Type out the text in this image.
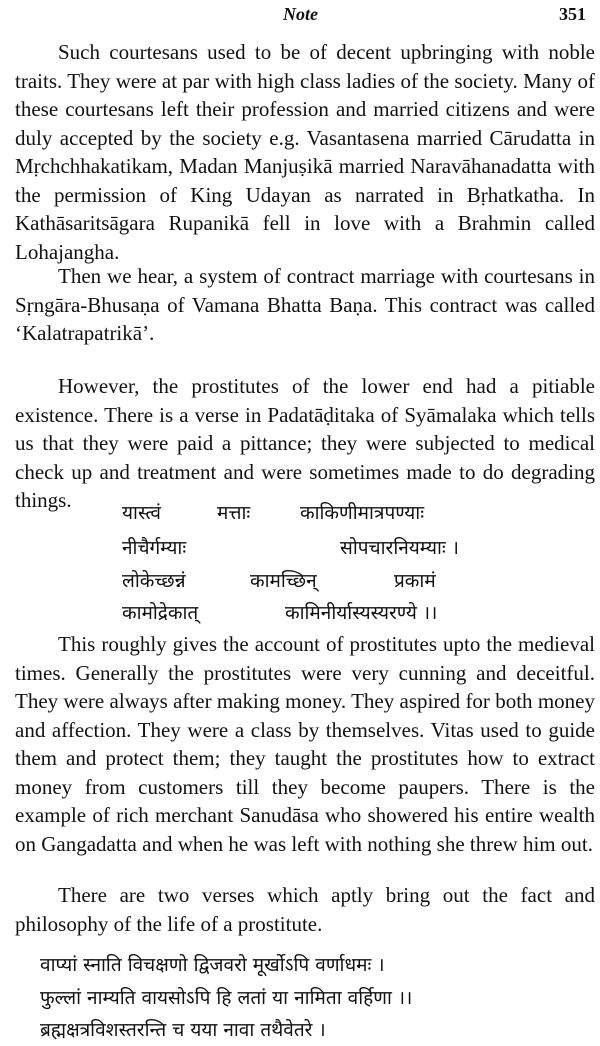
Note	351

Such courtesans used to be of decent upbringing with noble traits. They were at par with high class ladies of the society. Many of these courtesans left their profession and married citizens and were duly accepted by the society e.g. Vasantasena married Cārudatta in Mṛchchhakatikam, Madan Manjuṣikā married Naravāhanadatta with the permission of King Udayan as narrated in Bṛhatkatha. In Kathāsaritsāgara Rupanikā fell in love with a Brahmin called Lohajangha.

Then we hear, a system of contract marriage with courtesans in Sṛngāra-Bhusaṇa of Vamana Bhatta Baṇa. This contract was called ‘Kalatrapatrikā’.

However, the prostitutes of the lower end had a pitiable existence. There is a verse in Padatāḍitaka of Syāmalaka which tells us that they were paid a pittance; they were subjected to medical check up and treatment and were sometimes made to do degrading things.

यास्त्वं	मत्ताः	काकिणीमात्रपण्याः
नीचैर्गम्याः	सोपचारनियम्याः ।
लोकेच्छन्नं	कामच्छिन्	प्रकामं
कामोद्रेकात्	कामिनीर्यास्यस्यरण्ये ।।

This roughly gives the account of prostitutes upto the medieval times. Generally the prostitutes were very cunning and deceitful. They were always after making money. They aspired for both money and affection. They were a class by themselves. Vitas used to guide them and protect them; they taught the prostitutes how to extract money from customers till they become paupers. There is the example of rich merchant Sanudāsa who showered his entire wealth on Gangadatta and when he was left with nothing she threw him out.

There are two verses which aptly bring out the fact and philosophy of the life of a prostitute.

वाप्यां स्नाति विचक्षणो द्विजवरो मूर्खोऽपि वर्णाधमः ।
फुल्लां नाम्यति वायसोऽपि हि लतां या नामिता वर्हिणा ।।
ब्रह्मक्षत्रविशस्तरन्ति च यया नावा तथैवेतरे ।
